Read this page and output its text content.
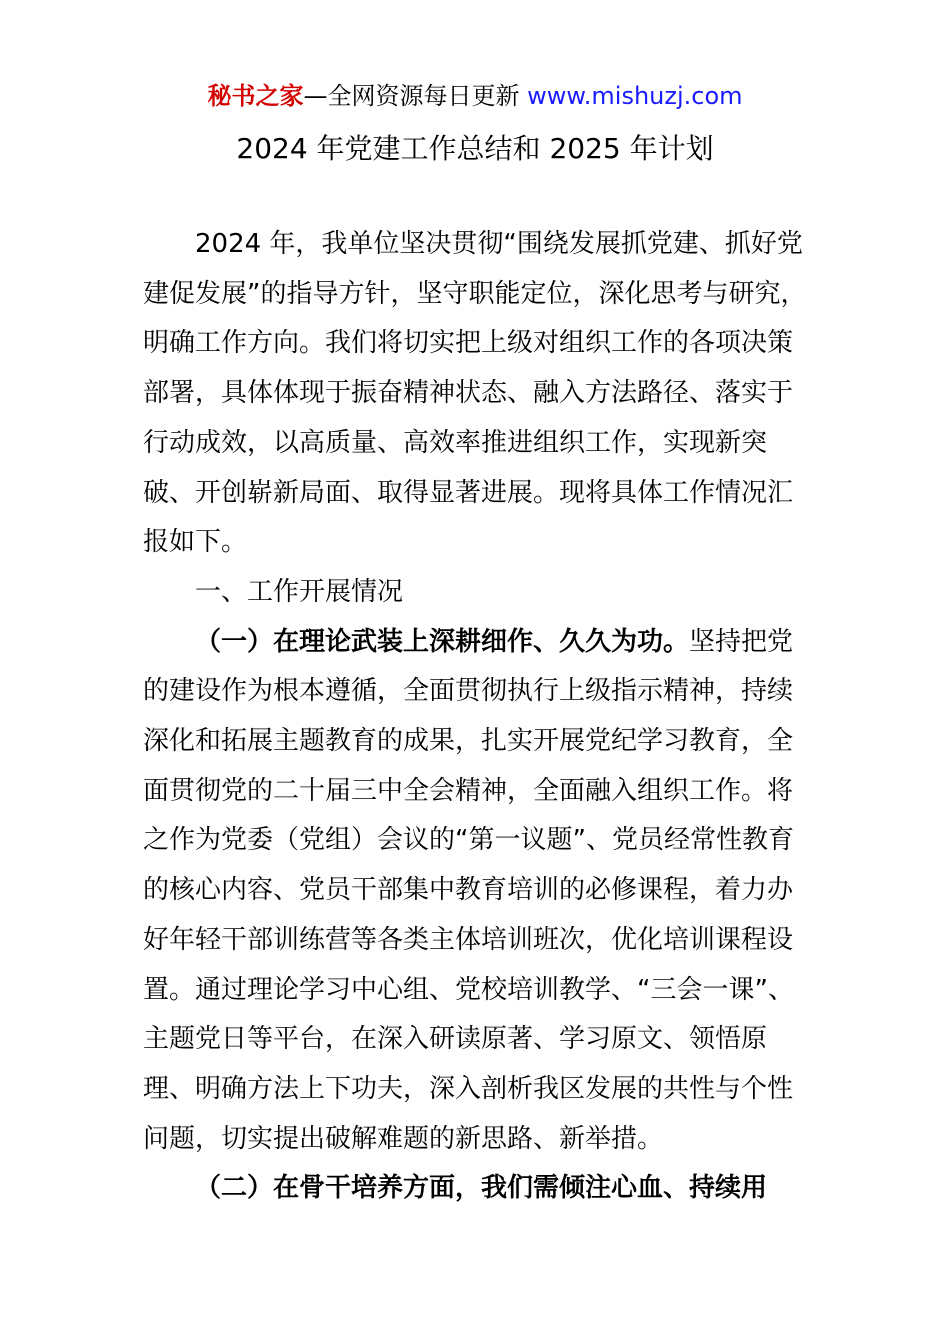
秘书之家—全网资源每日更新 www.mishuzj.com
2024 年党建工作总结和 2025 年计划

2024 年，我单位坚决贯彻“围绕发展抓党建、抓好党建促发展”的指导方针，坚守职能定位，深化思考与研究，明确工作方向。我们将切实把上级对组织工作的各项决策部署，具体体现于振奋精神状态、融入方法路径、落实于行动成效，以高质量、高效率推进组织工作，实现新突破、开创崭新局面、取得显著进展。现将具体工作情况汇报如下。

一、工作开展情况

（一）在理论武装上深耕细作、久久为功。坚持把党的建设作为根本遵循，全面贯彻执行上级指示精神，持续深化和拓展主题教育的成果，扎实开展党纪学习教育，全面贯彻党的二十届三中全会精神，全面融入组织工作。将之作为党委（党组）会议的“第一议题”、党员经常性教育的核心内容、党员干部集中教育培训的必修课程，着力办好年轻干部训练营等各类主体培训班次，优化培训课程设置。通过理论学习中心组、党校培训教学、“三会一课”、主题党日等平台，在深入研读原著、学习原文、领悟原理、明确方法上下功夫，深入剖析我区发展的共性与个性问题，切实提出破解难题的新思路、新举措。

（二）在骨干培养方面，我们需倾注心血、持续用
